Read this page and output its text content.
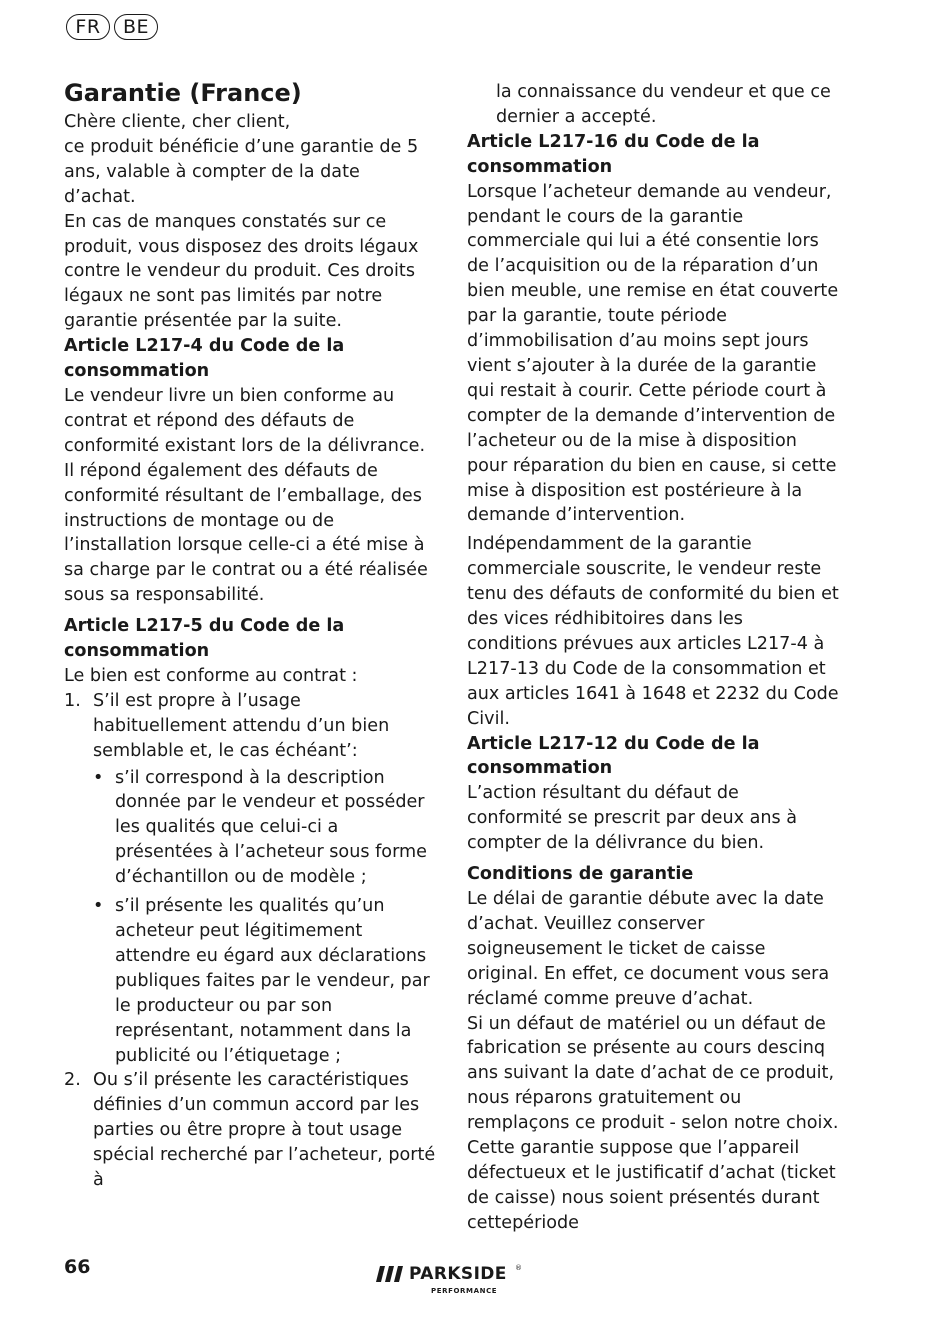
FR	BE
Garantie (France)

Chère cliente, cher client,

ce produit bénéficie d’une garantie de 5 ans, valable à compter de la date d’achat.

En cas de manques constatés sur ce produit, vous disposez des droits légaux contre le vendeur du produit. Ces droits légaux ne sont pas limités par notre garantie présentée par la suite.

Article L217-4 du Code de la consommation

Le vendeur livre un bien conforme au contrat et répond des défauts de conformité existant lors de la délivrance.

Il répond également des défauts de conformité résultant de l’emballage, des instructions de montage ou de l’installation lorsque celle-ci a été mise à sa charge par le contrat ou a été réalisée sous sa responsabilité.

Article L217-5 du Code de la consommation

Le bien est conforme au contrat :

1. S’il est propre à l’usage habituellement attendu d’un bien semblable et, le cas échéant’:
• s’il correspond à la description donnée par le vendeur et posséder les qualités que celui-ci a présentées à l’acheteur sous forme d’échantillon ou de modèle ;
• s’il présente les qualités qu’un acheteur peut légitimement attendre eu égard aux déclarations publiques faites par le vendeur, par le producteur ou par son représentant, notamment dans la publicité ou l’étiquetage ;
2. Ou s’il présente les caractéristiques définies d’un commun accord par les parties ou être propre à tout usage spécial recherché par l’acheteur, porté à

la connaissance du vendeur et que ce dernier a accepté.

Article L217-16 du Code de la consommation

Lorsque l’acheteur demande au vendeur, pendant le cours de la garantie commerciale qui lui a été consentie lors de l’acquisition ou de la réparation d’un bien meuble, une remise en état couverte par la garantie, toute période d’immobilisation d’au moins sept jours vient s’ajouter à la durée de la garantie qui restait à courir. Cette période court à compter de la demande d’intervention de l’acheteur ou de la mise à disposition pour réparation du bien en cause, si cette mise à disposition est postérieure à la demande d’intervention.

Indépendamment de la garantie commerciale souscrite, le vendeur reste tenu des défauts de conformité du bien et des vices rédhibitoires dans les conditions prévues aux articles L217-4 à L217-13 du Code de la consommation et aux articles 1641 à 1648 et 2232 du Code Civil.

Article L217-12 du Code de la consommation

L’action résultant du défaut de conformité se prescrit par deux ans à compter de la délivrance du bien.

Conditions de garantie

Le délai de garantie débute avec la date d’achat. Veuillez conserver soigneusement le ticket de caisse original. En effet, ce document vous sera réclamé comme preuve d’achat.

Si un défaut de matériel ou un défaut de fabrication se présente au cours descinq ans suivant la date d’achat de ce produit, nous réparons gratuitement ou remplaçons ce produit - selon notre choix. Cette garantie suppose que l’appareil défectueux et le justificatif d’achat (ticket de caisse) nous soient présentés durant cettepériode

66	PARKSIDE ®
PERFORMANCE
